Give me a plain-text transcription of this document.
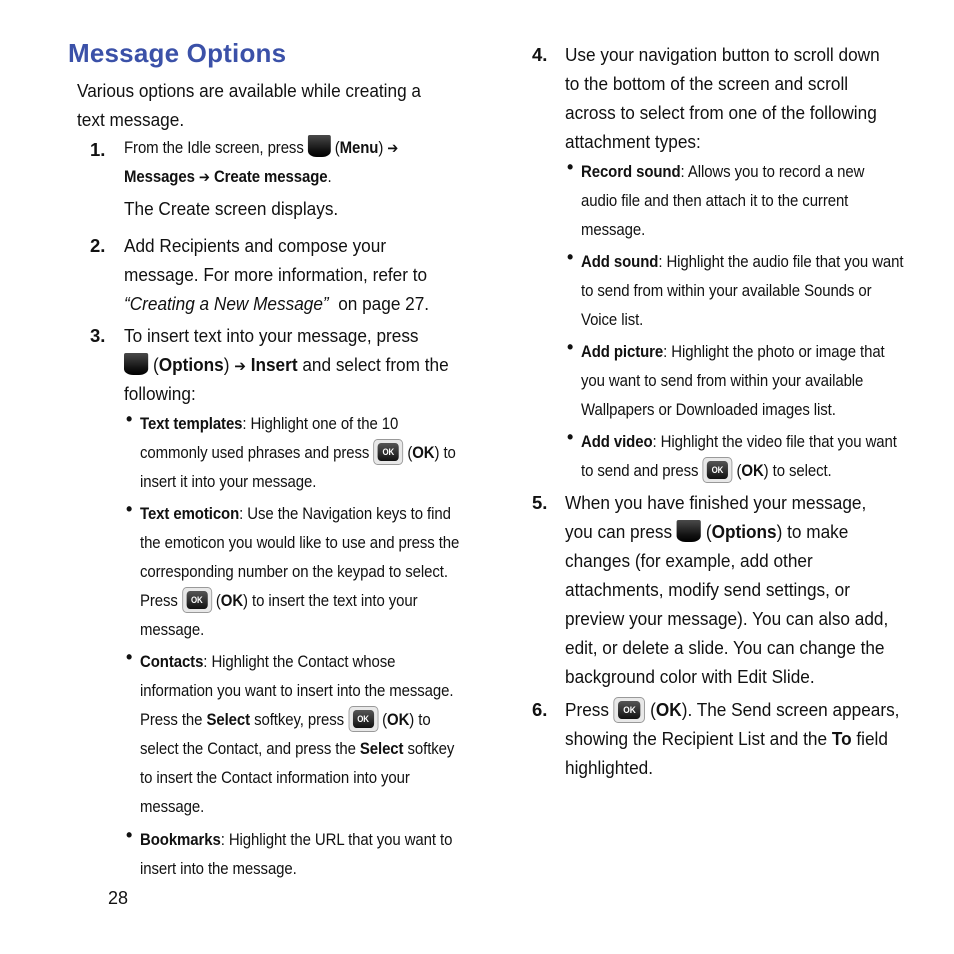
Message Options
Various options are available while creating a
text message.
1. From the Idle screen, press  (Menu) ➔
Messages ➔ Create message.
The Create screen displays.
2. Add Recipients and compose your
message. For more information, refer to
“Creating a New Message” on page 27.
3. To insert text into your message, press
(Options) ➔ Insert and select from the
following:
• Text templates: Highlight one of the 10
commonly used phrases and press	OK (OK) to
insert it into your message.
• Text emoticon: Use the Navigation keys to find
the emoticon you would like to use and press the
corresponding number on the keypad to select.
Press	OK (OK) to insert the text into your
message.
• Contacts: Highlight the Contact whose
information you want to insert into the message.
Press the Select softkey, press	OK (OK) to
select the Contact, and press the Select softkey
to insert the Contact information into your
message.
• Bookmarks: Highlight the URL that you want to
insert into the message.
28
4. Use your navigation button to scroll down
to the bottom of the screen and scroll
across to select from one of the following
attachment types:
• Record sound: Allows you to record a new
audio file and then attach it to the current
message.
• Add sound: Highlight the audio file that you want
to send from within your available Sounds or
Voice list.
• Add picture: Highlight the photo or image that
you want to send from within your available
Wallpapers or Downloaded images list.
• Add video: Highlight the video file that you want
to send and press	OK (OK) to select.
5. When you have finished your message,
you can press  (Options) to make
changes (for example, add other
attachments, modify send settings, or
preview your message). You can also add,
edit, or delete a slide. You can change the
background color with Edit Slide.
6. Press	OK (OK). The Send screen appears,
showing the Recipient List and the To field
highlighted.
